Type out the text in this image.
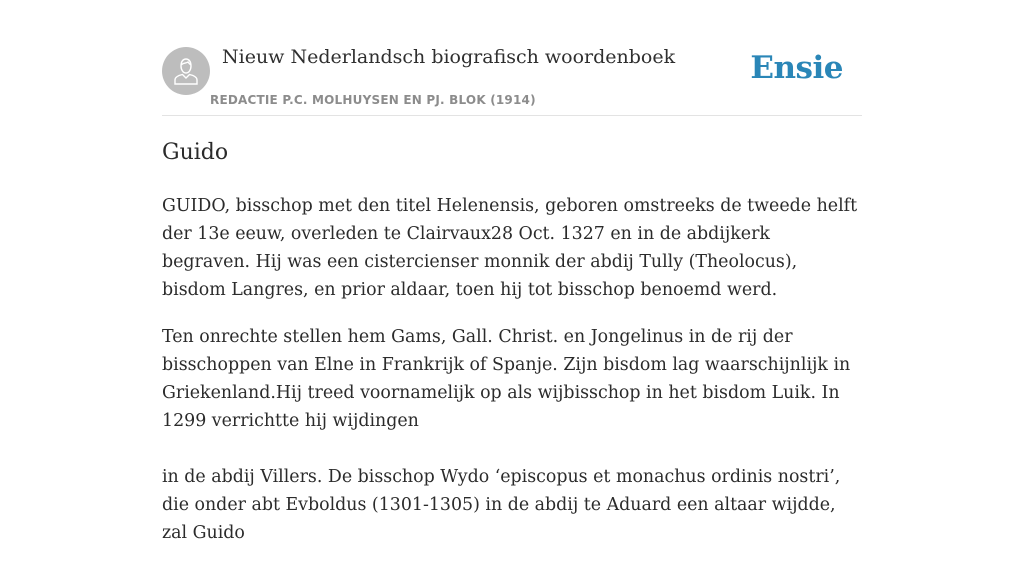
Nieuw Nederlandsch biografisch woordenboek
REDACTIE P.C. MOLHUYSEN EN PJ. BLOK (1914)
Ensie
Guido

GUIDO, bisschop met den titel Helenensis, geboren omstreeks de tweede helft der 13e eeuw, overleden te Clairvaux28 Oct. 1327 en in de abdijkerk begraven. Hij was een cistercienser monnik der abdij Tully (Theolocus), bisdom Langres, en prior aldaar, toen hij tot bisschop benoemd werd.

Ten onrechte stellen hem Gams, Gall. Christ. en Jongelinus in de rij der bisschoppen van Elne in Frankrijk of Spanje. Zijn bisdom lag waarschijnlijk in Griekenland.Hij treed voornamelijk op als wijbisschop in het bisdom Luik. In 1299 verrichtte hij wijdingen

in de abdij Villers. De bisschop Wydo ‘episcopus et monachus ordinis nostri’, die onder abt Evboldus (1301-1305) in de abdij te Aduard een altaar wijdde, zal Guido
